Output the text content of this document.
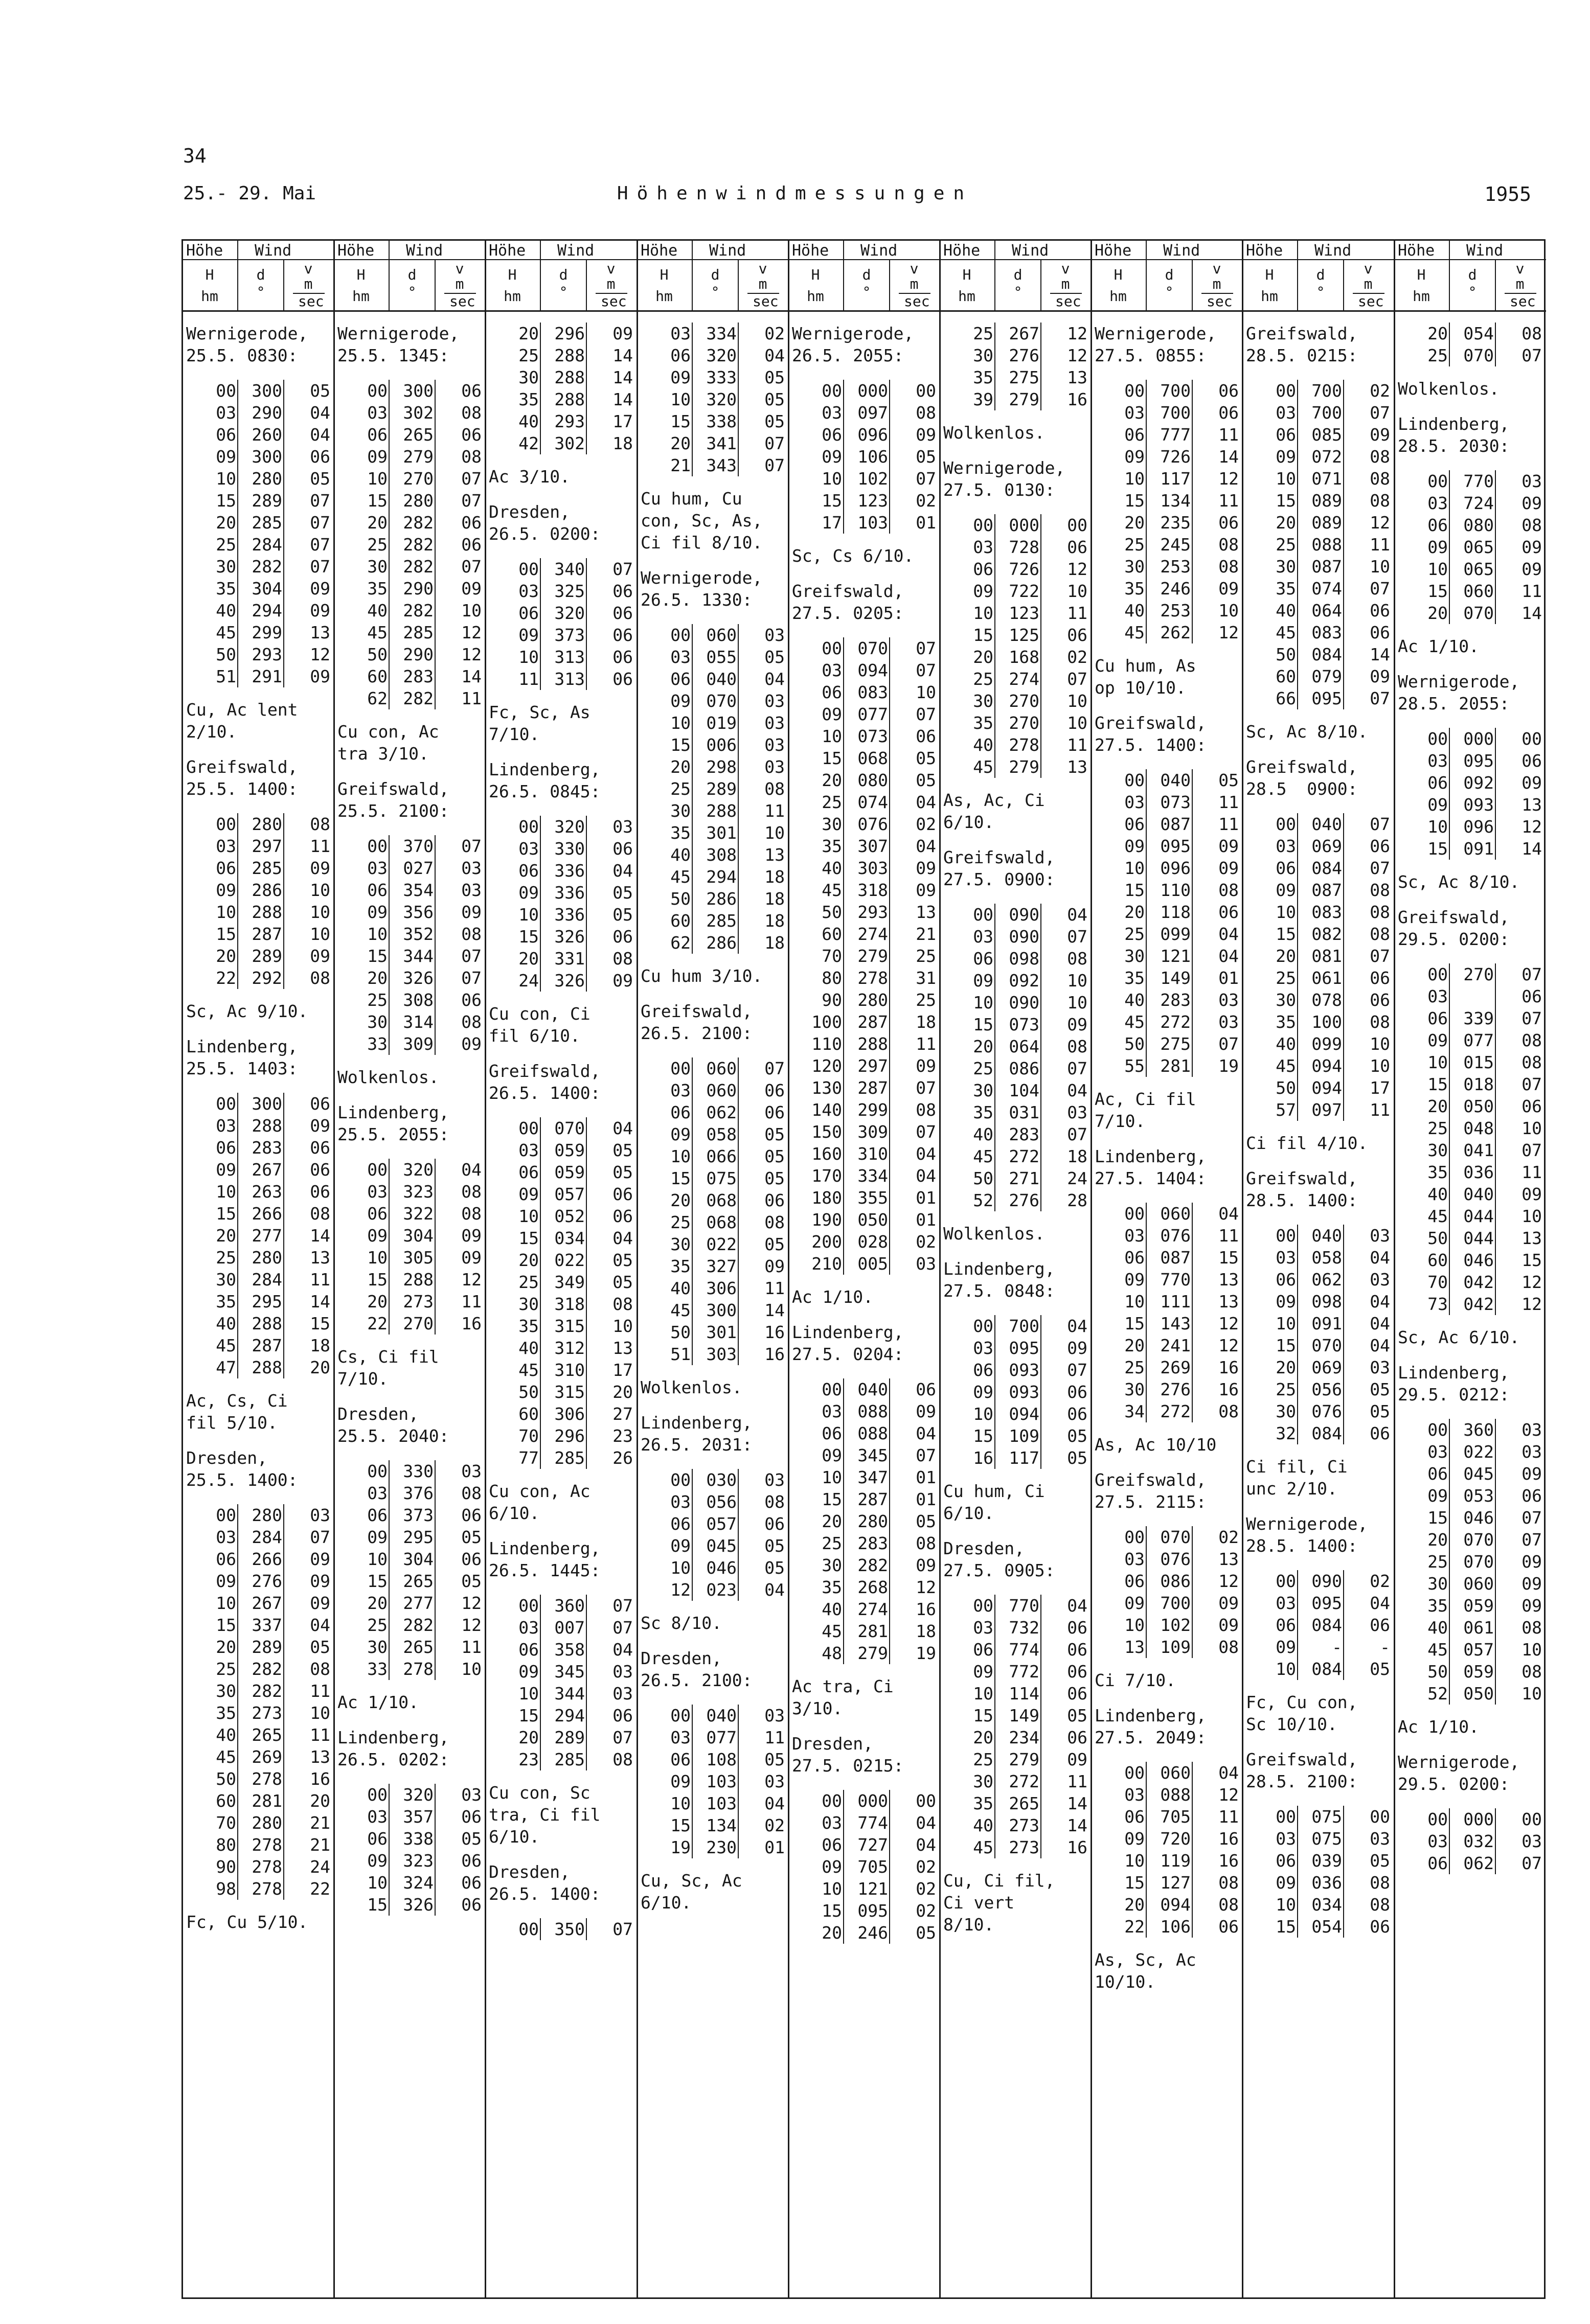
34
25.- 29. Mai	Höhenwindmessungen	1955
Höhe Wind
H
hm
d
°
v
m
sec
Wernigerode,
25.5. 0830:
00 300	05
03 290	04
06 260	04
09 300	06
10 280	05
15 289	07
20 285	07
25 284	07
30 282	07
35 304	09
40 294	09
45 299	13
50 293	12
51 291	09
Cu, Ac lent
2/10.
Greifswald,
25.5. 1400:
00 280	08
03 297	11
06 285	09
09 286	10
10 288	10
15 287	10
20 289	09
22 292	08
Sc, Ac 9/10.
Lindenberg,
25.5. 1403:
00 300	06
03 288	09
06 283	06
09 267	06
10 263	06
15 266	08
20 277	14
25 280	13
30 284	11
35 295	14
40 288	15
45 287	18
47 288	20
Ac, Cs, Ci
fil 5/10.
Dresden,
25.5. 1400:
00 280	03
03 284	07
06 266	09
09 276	09
10 267	09
15 337	04
20 289	05
25 282	08
30 282	11
35 273	10
40 265	11
45 269	13
50 278	16
60 281	20
70 280	21
80 278	21
90 278	24
98 278	22
Fc, Cu 5/10.
Höhe Wind
H
hm
d
°
v
m
sec
Wernigerode,
25.5. 1345:
00 300	06
03 302	08
06 265	06
09 279	08
10 270	07
15 280	07
20 282	06
25 282	06
30 282	07
35 290	09
40 282	10
45 285	12
50 290	12
60 283	14
62 282	11
Cu con, Ac
tra 3/10.
Greifswald,
25.5. 2100:
00 370	07
03 027	03
06 354	03
09 356	09
10 352	08
15 344	07
20 326	07
25 308	06
30 314	08
33 309	09
Wolkenlos.
Lindenberg,
25.5. 2055:
00 320	04
03 323	08
06 322	08
09 304	09
10 305	09
15 288	12
20 273	11
22 270	16
Cs, Ci fil
7/10.
Dresden,
25.5. 2040:
00 330	03
03 376	08
06 373	06
09 295	05
10 304	06
15 265	05
20 277	12
25 282	12
30 265	11
33 278	10
Ac 1/10.
Lindenberg,
26.5. 0202:
00 320	03
03 357	06
06 338	05
09 323	06
10 324	06
15 326	06
Höhe Wind
H
hm
d
°
v
m
sec
20 296	09
25 288	14
30 288	14
35 288	14
40 293	17
42 302	18
Ac 3/10.
Dresden,
26.5. 0200:
00 340	07
03 325	06
06 320	06
09 373	06
10 313	06
11 313	06
Fc, Sc, As
7/10.
Lindenberg,
26.5. 0845:
00 320	03
03 330	06
06 336	04
09 336	05
10 336	05
15 326	06
20 331	08
24 326	09
Cu con, Ci
fil 6/10.
Greifswald,
26.5. 1400:
00 070	04
03 059	05
06 059	05
09 057	06
10 052	06
15 034	04
20 022	05
25 349	05
30 318	08
35 315	10
40 312	13
45 310	17
50 315	20
60 306	27
70 296	23
77 285	26
Cu con, Ac
6/10.
Lindenberg,
26.5. 1445:
00 360	07
03 007	07
06 358	04
09 345	03
10 344	03
15 294	06
20 289	07
23 285	08
Cu con, Sc
tra, Ci fil
6/10.
Dresden,
26.5. 1400:
00 350	07
Höhe Wind
H
hm
d
°
v
m
sec
03 334	02
06 320	04
09 333	05
10 320	05
15 338	05
20 341	07
21 343	07
Cu hum, Cu
con, Sc, As,
Ci fil 8/10.
Wernigerode,
26.5. 1330:
00 060	03
03 055	05
06 040	04
09 070	03
10 019	03
15 006	03
20 298	03
25 289	08
30 288	11
35 301	10
40 308	13
45 294	18
50 286	18
60 285	18
62 286	18
Cu hum 3/10.
Greifswald,
26.5. 2100:
00 060	07
03 060	06
06 062	06
09 058	05
10 066	05
15 075	05
20 068	06
25 068	08
30 022	05
35 327	09
40 306	11
45 300	14
50 301	16
51 303	16
Wolkenlos.
Lindenberg,
26.5. 2031:
00 030	03
03 056	08
06 057	06
09 045	05
10 046	05
12 023	04
Sc 8/10.
Dresden,
26.5. 2100:
00 040	03
03 077	11
06 108	05
09 103	03
10 103	04
15 134	02
19 230	01
Cu, Sc, Ac
6/10.
Höhe Wind
H
hm
d
°
v
m
sec
Wernigerode,
26.5. 2055:
00 000	00
03 097	08
06 096	09
09 106	05
10 102	07
15 123	02
17 103	01
Sc, Cs 6/10.
Greifswald,
27.5. 0205:
00 070	07
03 094	07
06 083	10
09 077	07
10 073	06
15 068	05
20 080	05
25 074	04
30 076	02
35 307	04
40 303	09
45 318	09
50 293	13
60 274	21
70 279	25
80 278	31
90 280	25
100 287	18
110 288	11
120 297	09
130 287	07
140 299	08
150 309	07
160 310	04
170 334	04
180 355	01
190 050	01
200 028	02
210 005	03
Ac 1/10.
Lindenberg,
27.5. 0204:
00 040	06
03 088	09
06 088	04
09 345	07
10 347	01
15 287	01
20 280	05
25 283	08
30 282	09
35 268	12
40 274	16
45 281	18
48 279	19
Ac tra, Ci
3/10.
Dresden,
27.5. 0215:
00 000	00
03 774	04
06 727	04
09 705	02
10 121	02
15 095	02
20 246	05
Höhe Wind
H
hm
d
°
v
m
sec
25 267	12
30 276	12
35 275	13
39 279	16
Wolkenlos.
Wernigerode,
27.5. 0130:
00 000	00
03 728	06
06 726	12
09 722	10
10 123	11
15 125	06
20 168	02
25 274	07
30 270	10
35 270	10
40 278	11
45 279	13
As, Ac, Ci
6/10.
Greifswald,
27.5. 0900:
00 090	04
03 090	07
06 098	08
09 092	10
10 090	10
15 073	09
20 064	08
25 086	07
30 104	04
35 031	03
40 283	07
45 272	18
50 271	24
52 276	28
Wolkenlos.
Lindenberg,
27.5. 0848:
00 700	04
03 095	09
06 093	07
09 093	06
10 094	06
15 109	05
16 117	05
Cu hum, Ci
6/10.
Dresden,
27.5. 0905:
00 770	04
03 732	06
06 774	06
09 772	06
10 114	06
15 149	05
20 234	06
25 279	09
30 272	11
35 265	14
40 273	14
45 273	16
Cu, Ci fil,
Ci vert
8/10.
Höhe Wind
H
hm
d
°
v
m
sec
Wernigerode,
27.5. 0855:
00 700	06
03 700	06
06 777	11
09 726	14
10 117	12
15 134	11
20 235	06
25 245	08
30 253	08
35 246	09
40 253	10
45 262	12
Cu hum, As
op 10/10.
Greifswald,
27.5. 1400:
00 040	05
03 073	11
06 087	11
09 095	09
10 096	09
15 110	08
20 118	06
25 099	04
30 121	04
35 149	01
40 283	03
45 272	03
50 275	07
55 281	19
Ac, Ci fil
7/10.
Lindenberg,
27.5. 1404:
00 060	04
03 076	11
06 087	15
09 770	13
10 111	13
15 143	12
20 241	12
25 269	16
30 276	16
34 272	08
As, Ac 10/10
Greifswald,
27.5. 2115:
00 070	02
03 076	13
06 086	12
09 700	09
10 102	09
13 109	08
Ci 7/10.
Lindenberg,
27.5. 2049:
00 060	04
03 088	12
06 705	11
09 720	16
10 119	16
15 127	08
20 094	08
22 106	06
As, Sc, Ac
10/10.
Höhe Wind
H
hm
d
°
v
m
sec
Greifswald,
28.5. 0215:
00 700	02
03 700	07
06 085	09
09 072	08
10 071	08
15 089	08
20 089	12
25 088	11
30 087	10
35 074	07
40 064	06
45 083	06
50 084	14
60 079	09
66 095	07
Sc, Ac 8/10.
Greifswald,
28.5  0900:
00 040	07
03 069	06
06 084	07
09 087	08
10 083	08
15 082	08
20 081	07
25 061	06
30 078	06
35 100	08
40 099	10
45 094	10
50 094	17
57 097	11
Ci fil 4/10.
Greifswald,
28.5. 1400:
00 040	03
03 058	04
06 062	03
09 098	04
10 091	04
15 070	04
20 069	03
25 056	05
30 076	05
32 084	06
Ci fil, Ci
unc 2/10.
Wernigerode,
28.5. 1400:
00 090	02
03 095	04
06 084	06
09	-	-
10 084	05
Fc, Cu con,
Sc 10/10.
Greifswald,
28.5. 2100:
00 075	00
03 075	03
06 039	05
09 036	08
10 034	08
15 054	06
Höhe Wind
H
hm
d
°
v
m
sec
20 054	08
25 070	07
Wolkenlos.
Lindenberg,
28.5. 2030:
00 770	03
03 724	09
06 080	08
09 065	09
10 065	09
15 060	11
20 070	14
Ac 1/10.
Wernigerode,
28.5. 2055:
00 000	00
03 095	06
06 092	09
09 093	13
10 096	12
15 091	14
Sc, Ac 8/10.
Greifswald,
29.5. 0200:
00 270	07
03	06
06 339	07
09 077	08
10 015	08
15 018	07
20 050	06
25 048	10
30 041	07
35 036	11
40 040	09
45 044	10
50 044	13
60 046	15
70 042	12
73 042	12
Sc, Ac 6/10.
Lindenberg,
29.5. 0212:
00 360	03
03 022	03
06 045	09
09 053	06
15 046	07
20 070	07
25 070	09
30 060	09
35 059	09
40 061	08
45 057	10
50 059	08
52 050	10
Ac 1/10.
Wernigerode,
29.5. 0200:
00 000	00
03 032	03
06 062	07
